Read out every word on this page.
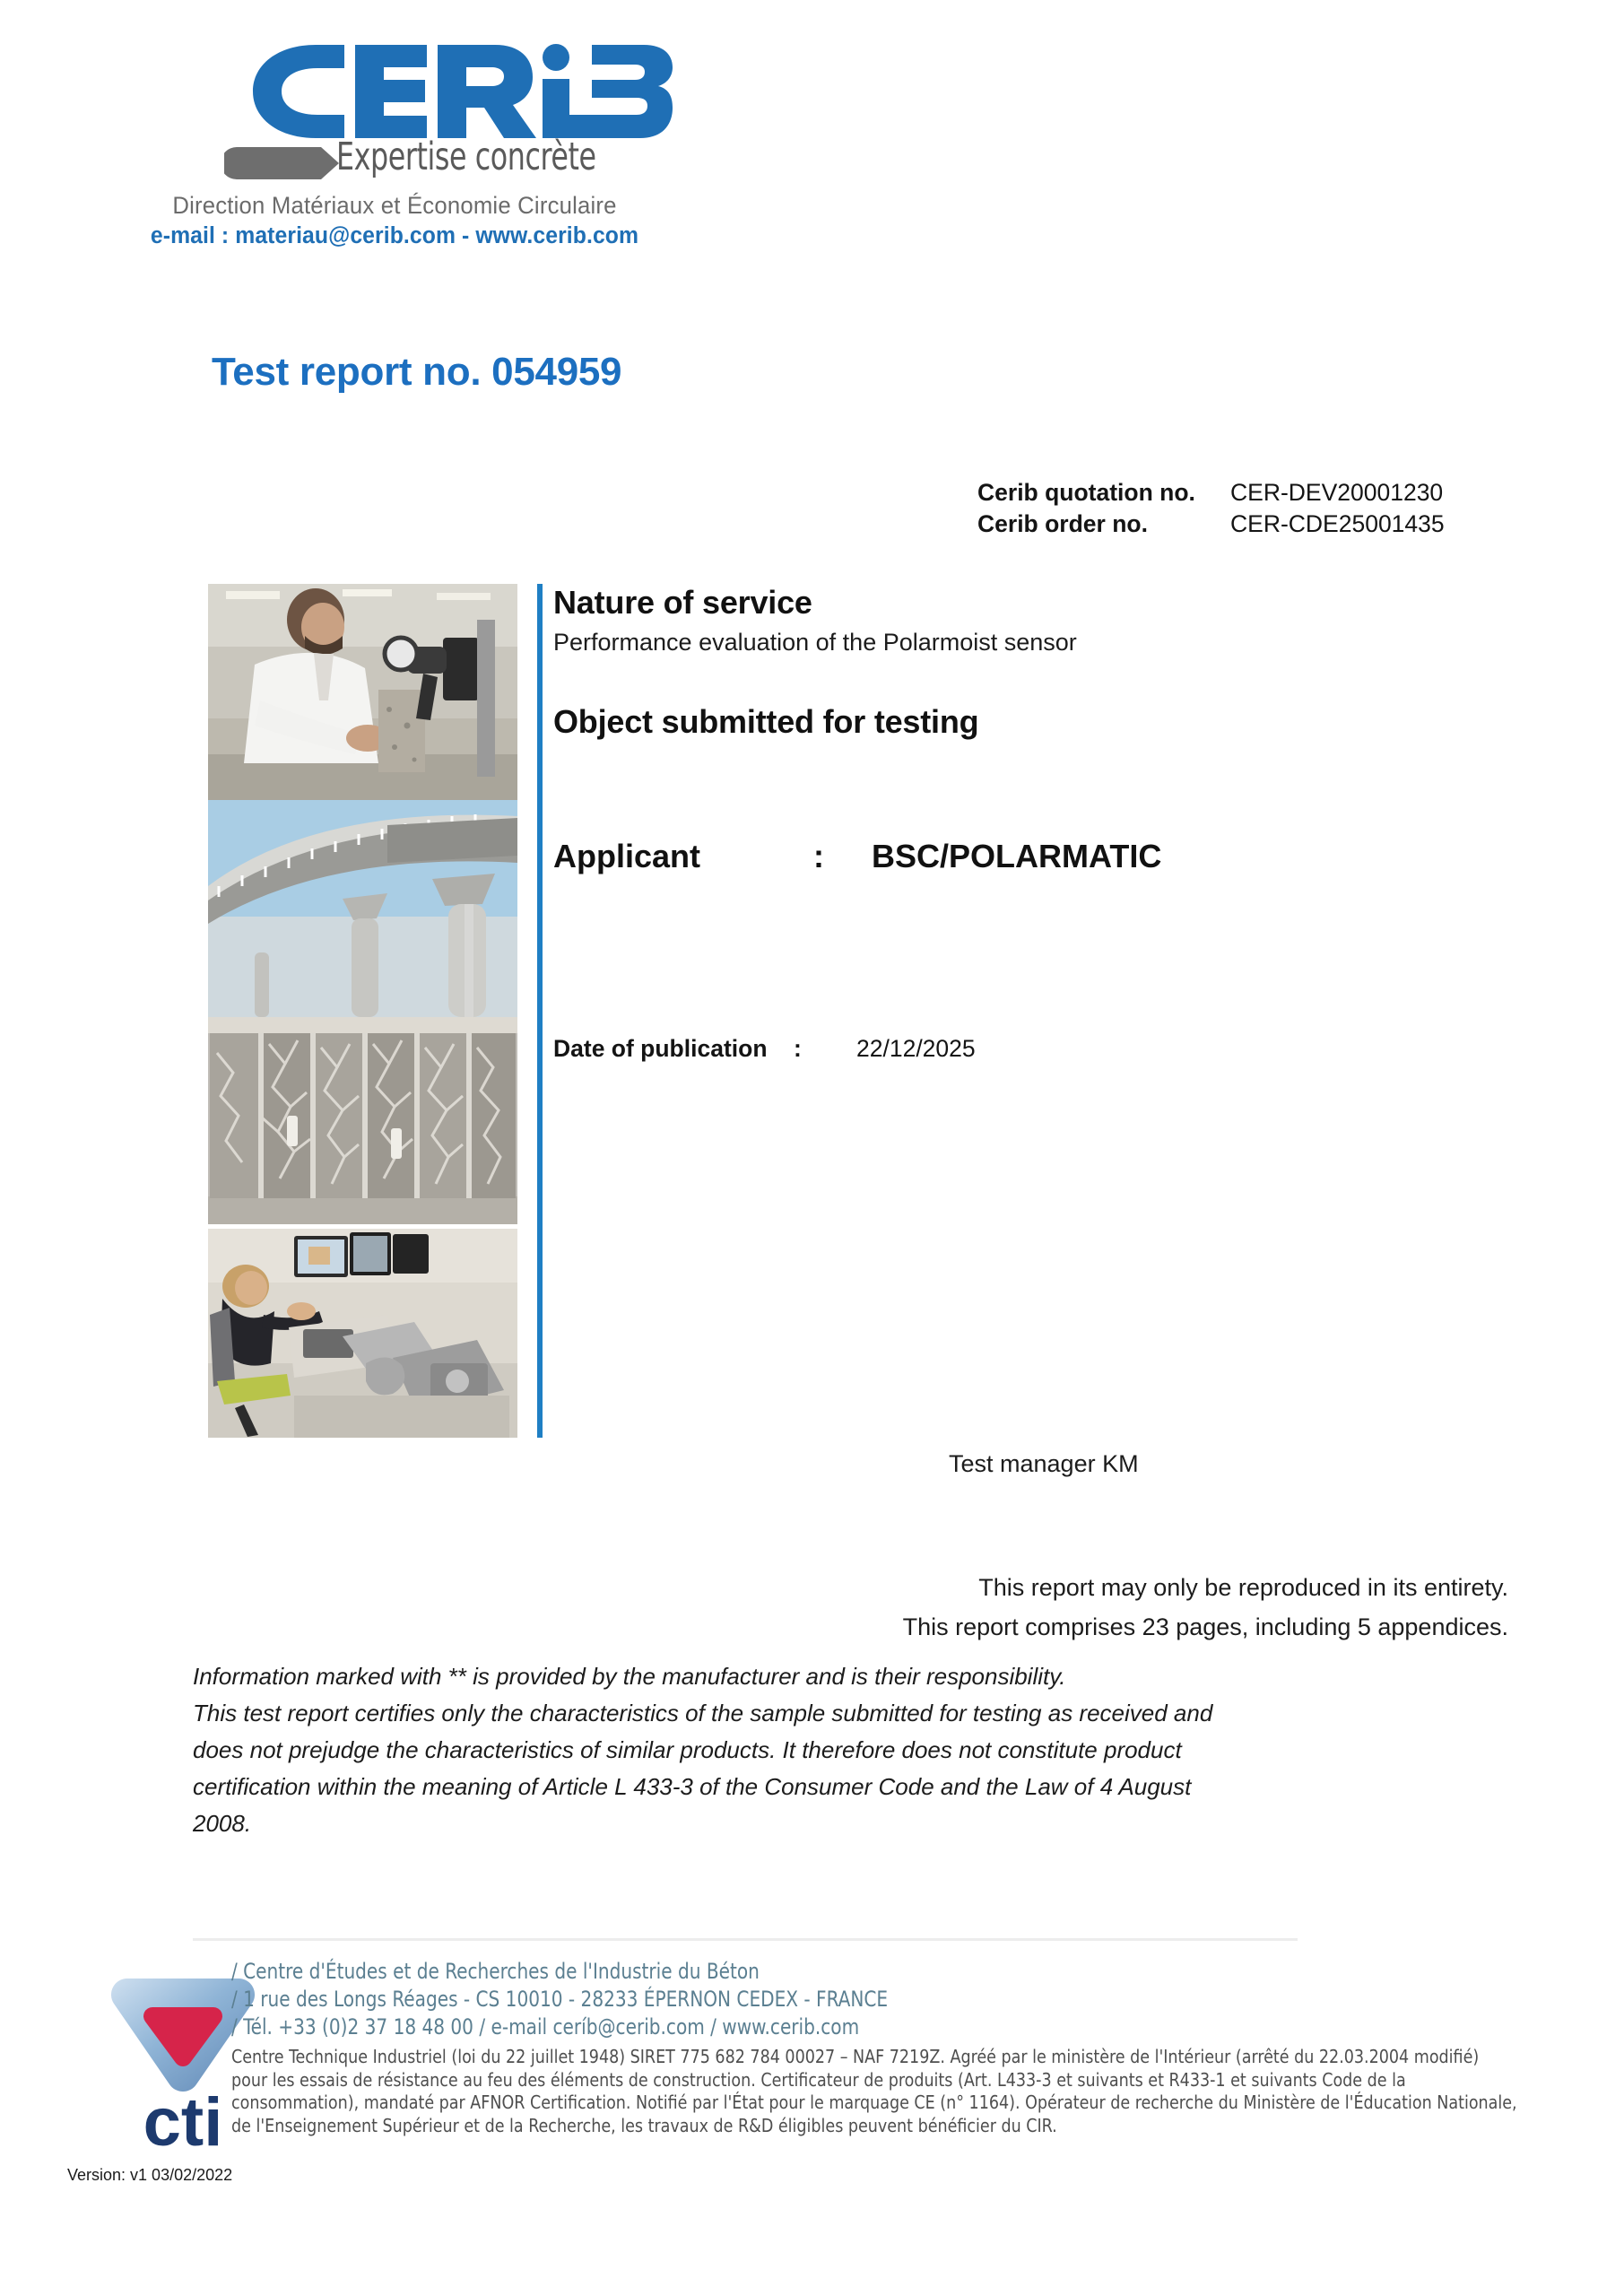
Expertise concrète
Direction Matériaux et Économie Circulaire
e-mail : materiau@cerib.com - www.cerib.com
Test report no. 054959
Cerib quotation no.	CER-DEV20001230
Cerib order no.	CER-CDE25001435
Nature of service
Performance evaluation of the Polarmoist sensor
Object submitted for testing
Applicant	:	BSC/POLARMATIC
Date of publication	:	22/12/2025
Test manager KM
This report may only be reproduced in its entirety.
This report comprises 23 pages, including 5 appendices.

Information marked with ** is provided by the manufacturer and is their responsibility.

This test report certifies only the characteristics of the sample submitted for testing as received and does not prejudge the characteristics of similar products. It therefore does not constitute product certification within the meaning of Article L 433-3 of the Consumer Code and the Law of 4 August 2008.

cti
/ Centre d'Études et de Recherches de l'Industrie du Béton
/ 1 rue des Longs Réages - CS 10010 - 28233 ÉPERNON CEDEX - FRANCE
/ Tél. +33 (0)2 37 18 48 00 / e-mail ceríb@cerib.com / www.cerib.com
Centre Technique Industriel (loi du 22 juillet 1948) SIRET 775 682 784 00027 – NAF 7219Z. Agréé par le ministère de l'Intérieur (arrêté du 22.03.2004 modifié) pour les essais de résistance au feu des éléments de construction. Certificateur de produits (Art. L433-3 et suivants et R433-1 et suivants Code de la consommation), mandaté par AFNOR Certification. Notifié par l'État pour le marquage CE (n° 1164). Opérateur de recherche du Ministère de l'Éducation Nationale, de l'Enseignement Supérieur et de la Recherche, les travaux de R&D éligibles peuvent bénéficier du CIR.
Version: v1 03/02/2022
